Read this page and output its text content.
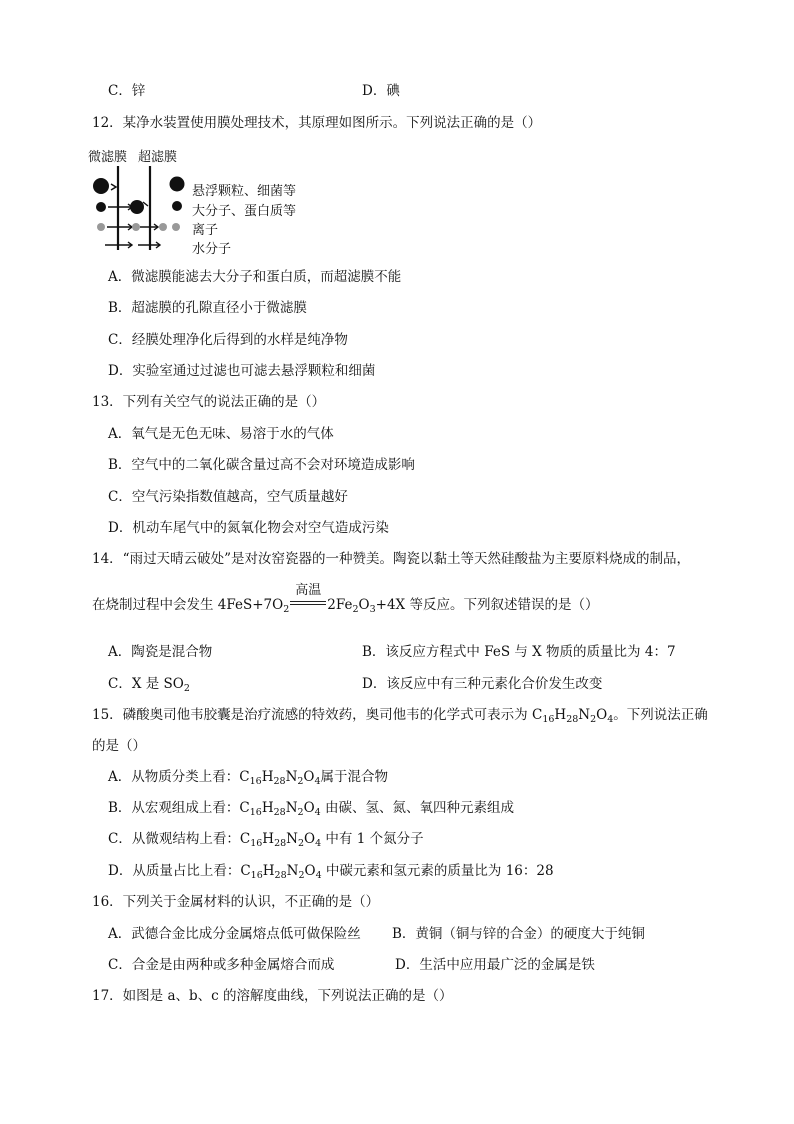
C．锌	D．碘
12．某净水装置使用膜处理技术，其原理如图所示。下列说法正确的是（）
微滤膜 超滤膜
悬浮颗粒、细菌等
大分子、蛋白质等
离子
水分子
A．微滤膜能滤去大分子和蛋白质，而超滤膜不能
B．超滤膜的孔隙直径小于微滤膜
C．经膜处理净化后得到的水样是纯净物
D．实验室通过过滤也可滤去悬浮颗粒和细菌
13．下列有关空气的说法正确的是（）
A．氧气是无色无味、易溶于水的气体
B．空气中的二氧化碳含量过高不会对环境造成影响
C．空气污染指数值越高，空气质量越好
D．机动车尾气中的氮氧化物会对空气造成污染
14．“雨过天晴云破处”是对汝窑瓷器的一种赞美。陶瓷以黏土等天然硅酸盐为主要原料烧成的制品，
在烧制过程中会发生 $4FeS+7O_2$
高温
$2Fe_2O_3+4X$ 等反应。下列叙述错误的是（）
A．陶瓷是混合物	B．该反应方程式中 FeS 与 X 物质的质量比为 4：7
C．X 是 $SO_2$	D．该反应中有三种元素化合价发生改变
15．磷酸奥司他韦胶囊是治疗流感的特效药，奥司他韦的化学式可表示为 $C_{16}H_{28}N_2O_4$。下列说法正确
的是（）
A．从物质分类上看：$C_{16}H_{28}N_2O_4$属于混合物
B．从宏观组成上看：$C_{16}H_{28}N_2O_4$ 由碳、氢、氮、氧四种元素组成
C．从微观结构上看：$C_{16}H_{28}N_2O_4$ 中有 1 个氮分子
D．从质量占比上看：$C_{16}H_{28}N_2O_4$ 中碳元素和氢元素的质量比为 16：28
16．下列关于金属材料的认识，不正确的是（）
A．武德合金比成分金属熔点低可做保险丝 B．黄铜（铜与锌的合金）的硬度大于纯铜
C．合金是由两种或多种金属熔合而成	D．生活中应用最广泛的金属是铁
17．如图是 a、b、c 的溶解度曲线，下列说法正确的是（）
